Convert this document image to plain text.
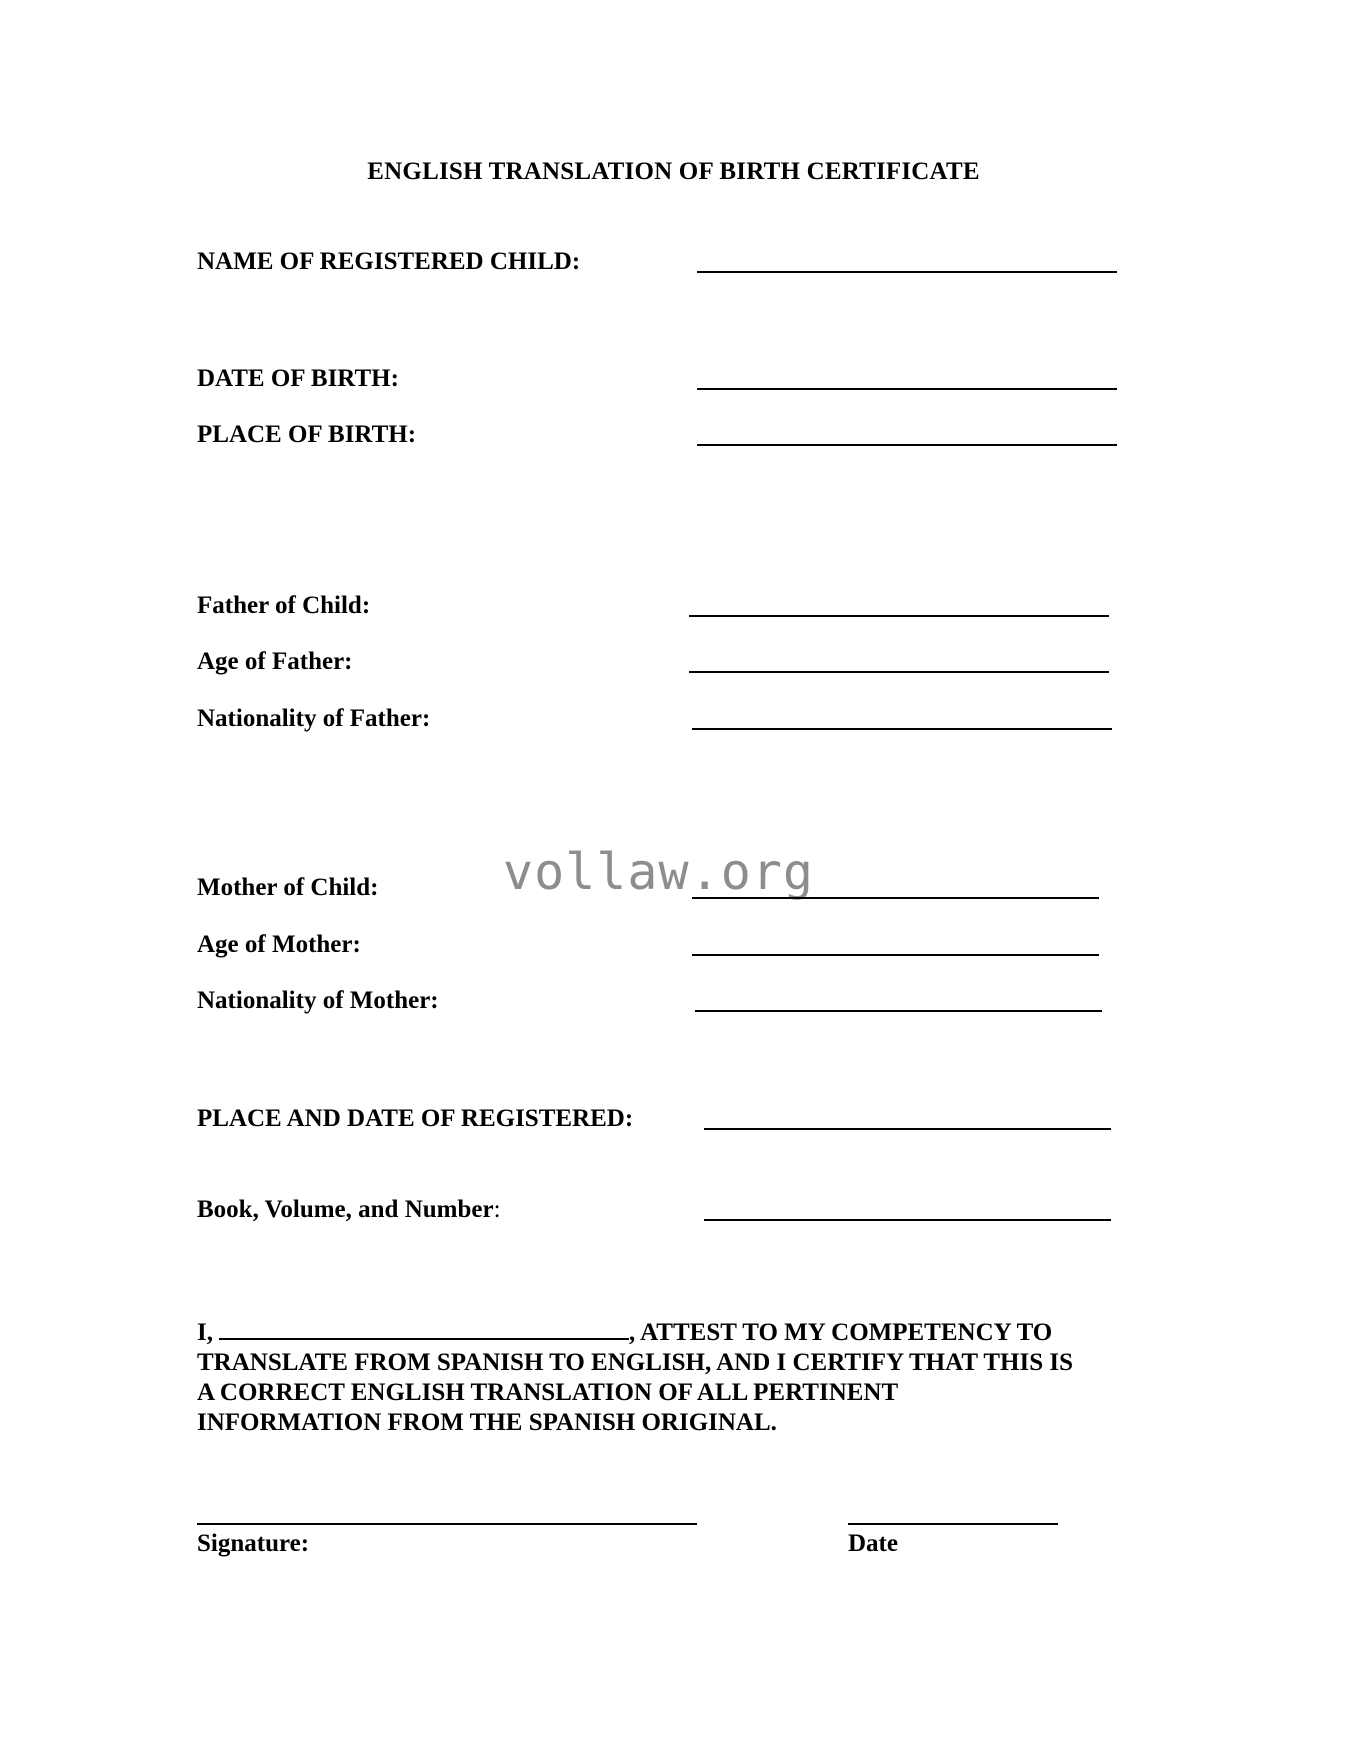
ENGLISH TRANSLATION OF BIRTH CERTIFICATE
NAME OF REGISTERED CHILD:
DATE OF BIRTH:
PLACE OF BIRTH:
Father of Child:
Age of Father:
Nationality of Father:
vollaw.org
Mother of Child:
Age of Mother:
Nationality of Mother:
PLACE AND DATE OF REGISTERED:
Book, Volume, and Number:
I,	, ATTEST TO MY COMPETENCY TO
TRANSLATE FROM SPANISH TO ENGLISH, AND I CERTIFY THAT THIS IS
A CORRECT ENGLISH TRANSLATION OF ALL PERTINENT
INFORMATION FROM THE SPANISH ORIGINAL.
Signature:	Date
